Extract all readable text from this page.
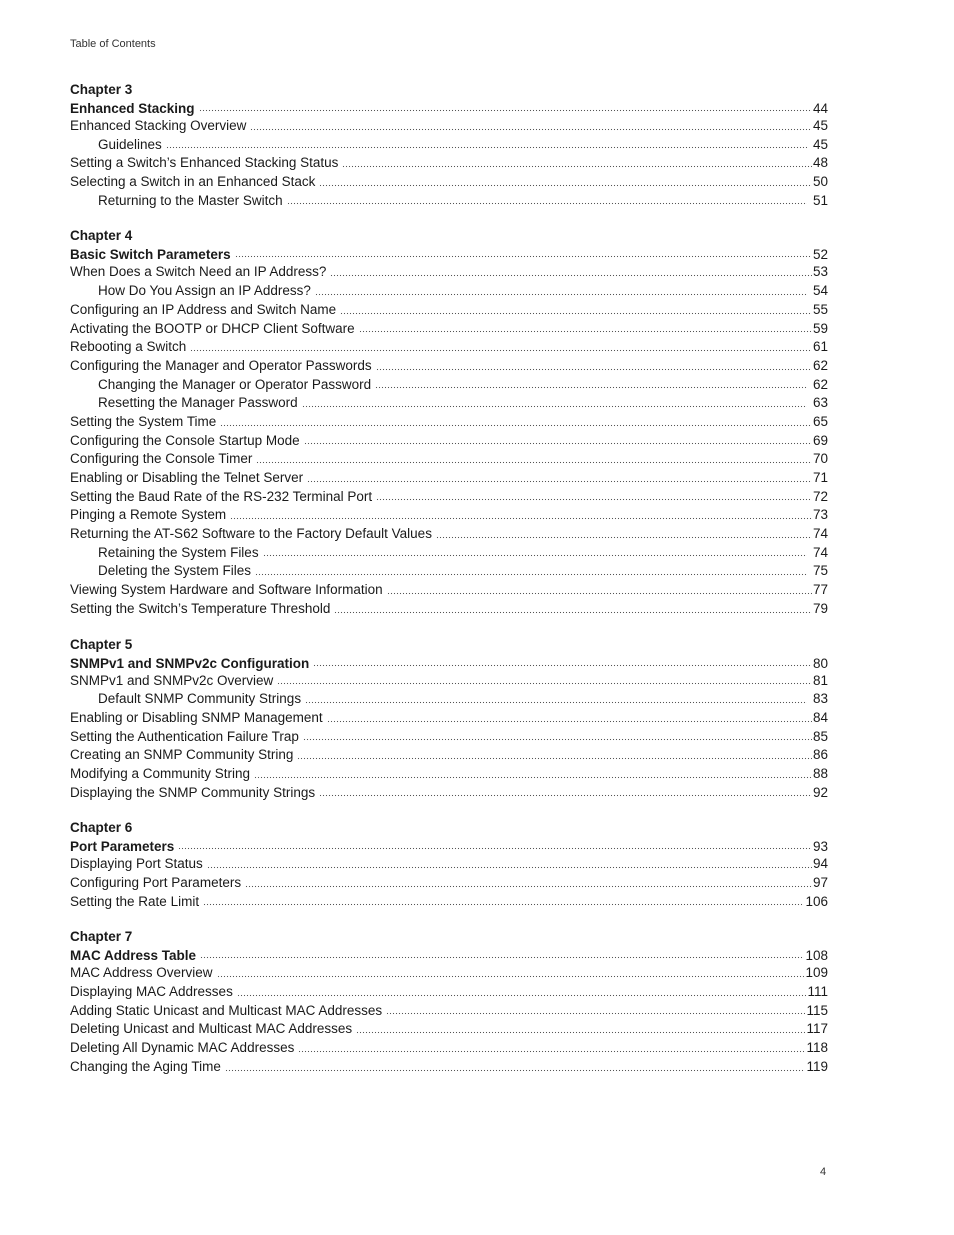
Table of Contents
Chapter 3
Enhanced Stacking	44
Enhanced Stacking Overview	45
Guidelines	45
Setting a Switch’s Enhanced Stacking Status	48
Selecting a Switch in an Enhanced Stack	50
Returning to the Master Switch	51
Chapter 4
Basic Switch Parameters	52
When Does a Switch Need an IP Address?	53
How Do You Assign an IP Address?	54
Configuring an IP Address and Switch Name	55
Activating the BOOTP or DHCP Client Software	59
Rebooting a Switch	61
Configuring the Manager and Operator Passwords	62
Changing the Manager or Operator Password	62
Resetting the Manager Password	63
Setting the System Time	65
Configuring the Console Startup Mode	69
Configuring the Console Timer	70
Enabling or Disabling the Telnet Server	71
Setting the Baud Rate of the RS-232 Terminal Port	72
Pinging a Remote System	73
Returning the AT-S62 Software to the Factory Default Values	74
Retaining the System Files	74
Deleting the System Files	75
Viewing System Hardware and Software Information	77
Setting the Switch’s Temperature Threshold	79
Chapter 5
SNMPv1 and SNMPv2c Configuration	80
SNMPv1 and SNMPv2c Overview	81
Default SNMP Community Strings	83
Enabling or Disabling SNMP Management	84
Setting the Authentication Failure Trap	85
Creating an SNMP Community String	86
Modifying a Community String	88
Displaying the SNMP Community Strings	92
Chapter 6
Port Parameters	93
Displaying Port Status	94
Configuring Port Parameters	97
Setting the Rate Limit	106
Chapter 7
MAC Address Table	108
MAC Address Overview	109
Displaying MAC Addresses	111
Adding Static Unicast and Multicast MAC Addresses	115
Deleting Unicast and Multicast MAC Addresses	117
Deleting All Dynamic MAC Addresses	118
Changing the Aging Time	119
4
